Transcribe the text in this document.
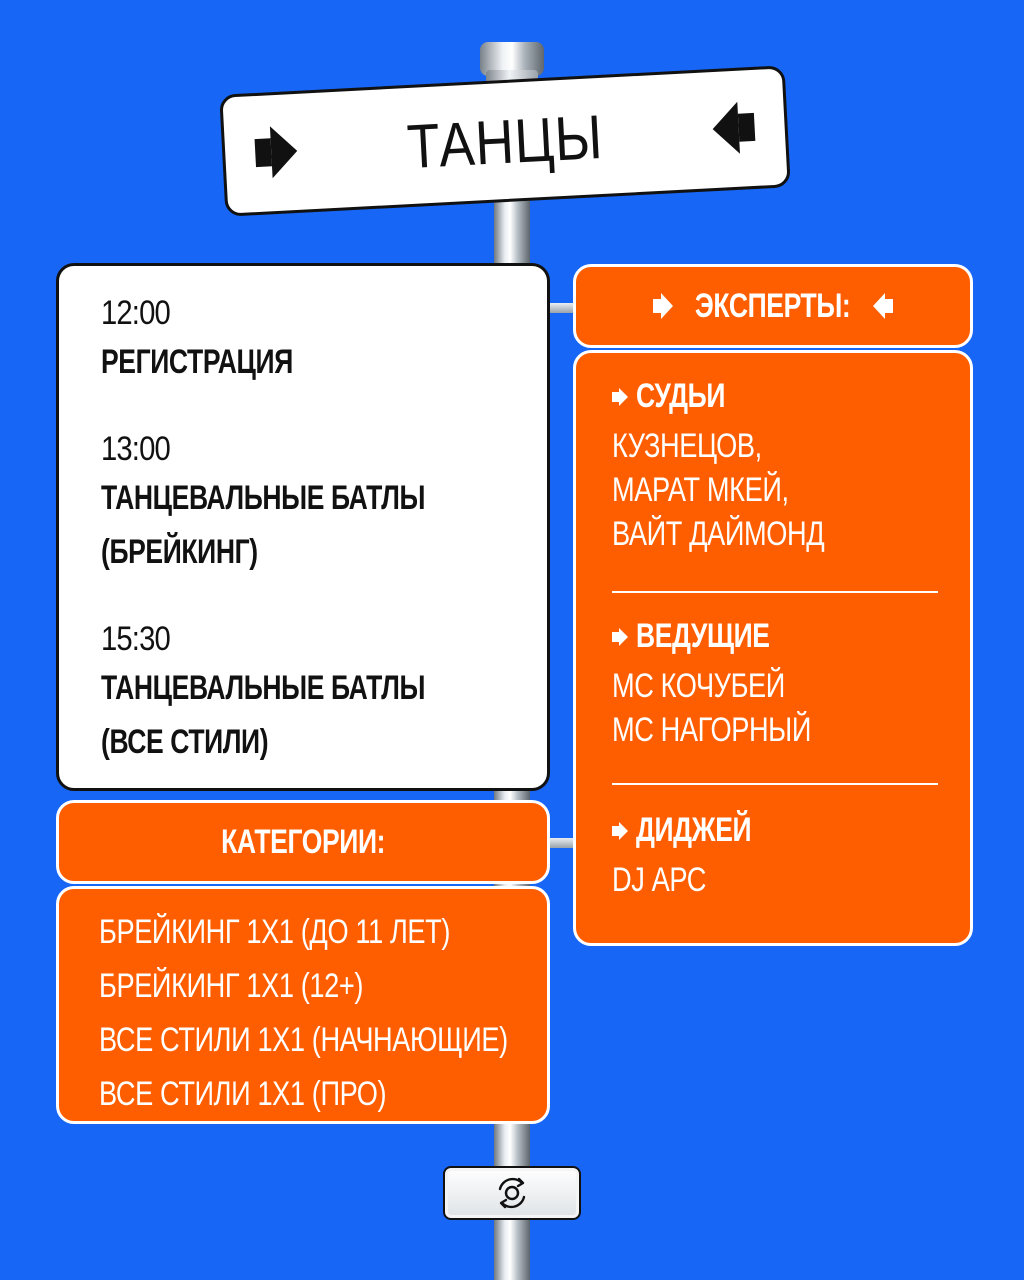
ТАНЦЫ
12:00
РЕГИСТРАЦИЯ
13:00
ТАНЦЕВАЛЬНЫЕ БАТЛЫ
(БРЕЙКИНГ)
15:30
ТАНЦЕВАЛЬНЫЕ БАТЛЫ
(ВСЕ СТИЛИ)
КАТЕГОРИИ:
БРЕЙКИНГ 1Х1 (ДО 11 ЛЕТ)
БРЕЙКИНГ 1Х1 (12+)
ВСЕ СТИЛИ 1Х1 (НАЧНАЮЩИЕ)
ВСЕ СТИЛИ 1Х1 (ПРО)
ЭКСПЕРТЫ:
СУДЬИ
КУЗНЕЦОВ,
МАРАТ МКЕЙ,
ВАЙТ ДАЙМОНД
ВЕДУЩИЕ
МС КОЧУБЕЙ
МС НАГОРНЫЙ
ДИДЖЕЙ
DJ АРС
